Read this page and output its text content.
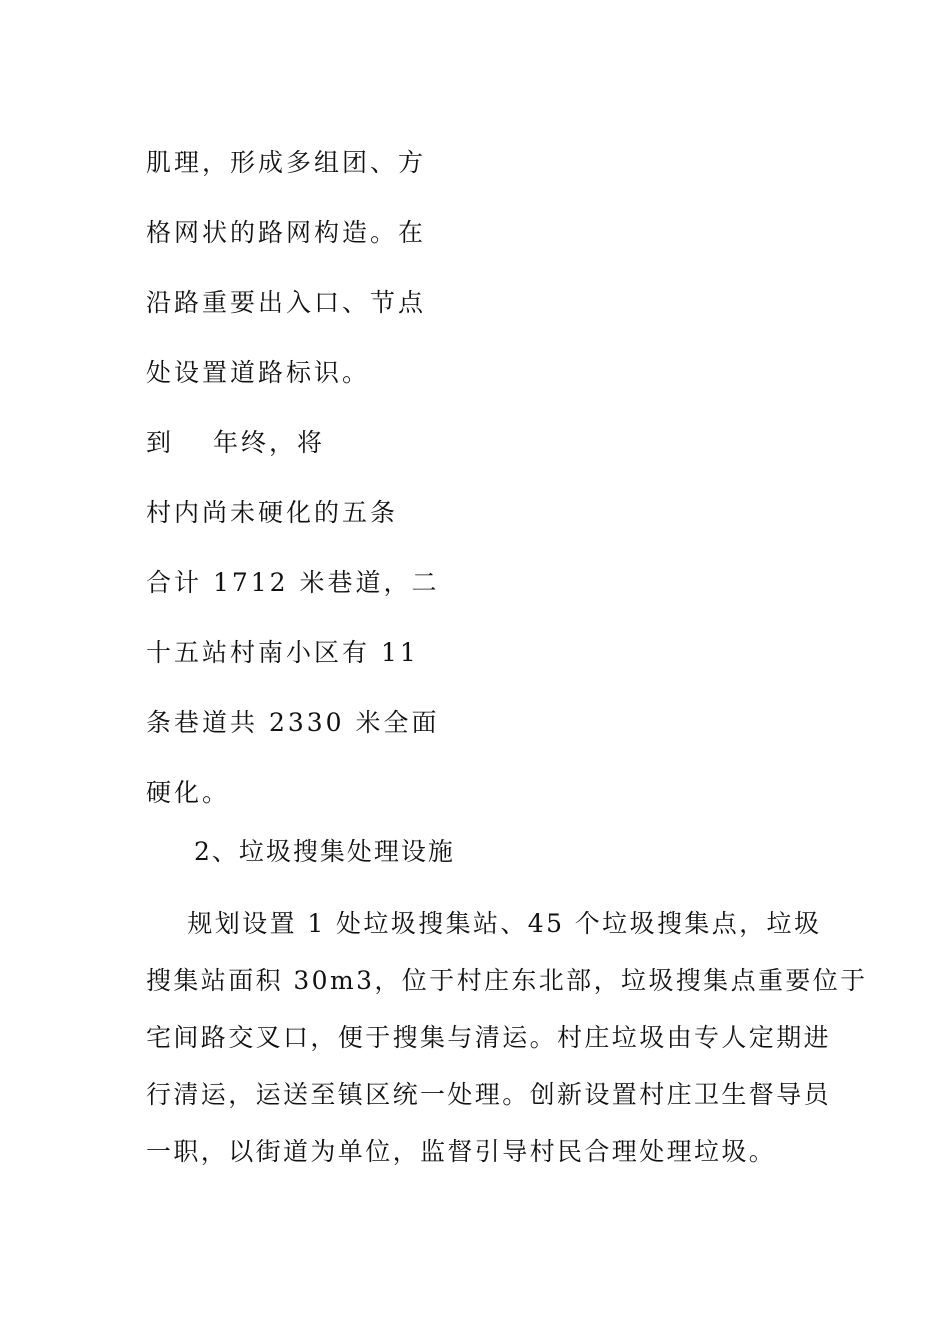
肌理，形成多组团、方
格网状的路网构造。在
沿路重要出入口、节点
处设置道路标识。
到　 年终，将
村内尚未硬化的五条
合计 1712 米巷道，二
十五站村南小区有 11
条巷道共 2330 米全面
硬化。
2、垃圾搜集处理设施
规划设置 1 处垃圾搜集站、45 个垃圾搜集点，垃圾
搜集站面积 30m3，位于村庄东北部，垃圾搜集点重要位于
宅间路交叉口，便于搜集与清运。村庄垃圾由专人定期进
行清运，运送至镇区统一处理。创新设置村庄卫生督导员
一职，以街道为单位，监督引导村民合理处理垃圾。
